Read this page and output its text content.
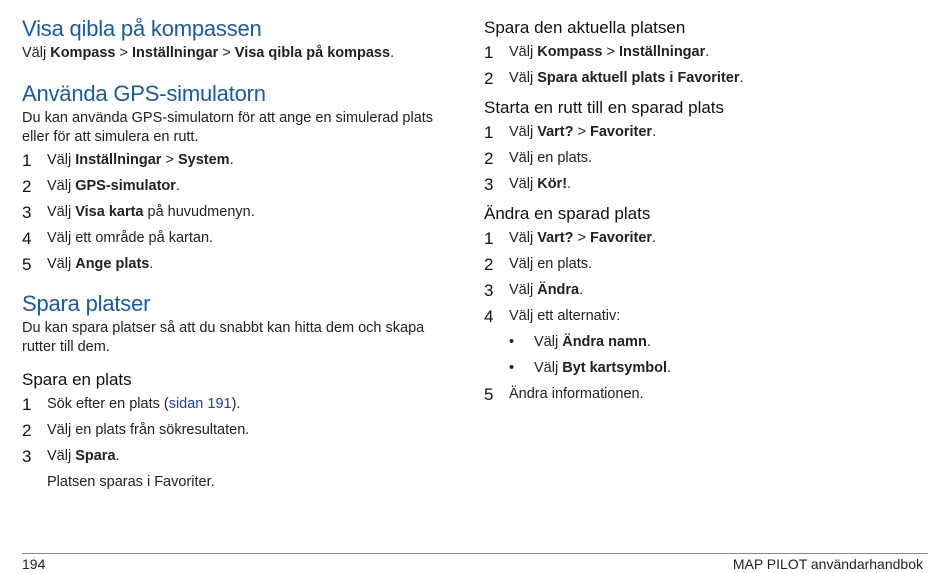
Visa qibla på kompassen

Välj Kompass > Inställningar > Visa qibla på kompass.

Använda GPS-simulatorn

Du kan använda GPS-simulatorn för att ange en simulerad plats
eller för att simulera en rutt.

1	Välj Inställningar > System.
2	Välj GPS-simulator.
3	Välj Visa karta på huvudmenyn.
4	Välj ett område på kartan.
5	Välj Ange plats.
Spara platser

Du kan spara platser så att du snabbt kan hitta dem och skapa
rutter till dem.

Spara en plats
1	Sök efter en plats (sidan 191).
2	Välj en plats från sökresultaten.
3	Välj Spara.
Platsen sparas i Favoriter.
Spara den aktuella platsen
1	Välj Kompass > Inställningar.
2	Välj Spara aktuell plats i Favoriter.
Starta en rutt till en sparad plats
1	Välj Vart? > Favoriter.
2	Välj en plats.
3	Välj Kör!.
Ändra en sparad plats
1	Välj Vart? > Favoriter.
2	Välj en plats.
3	Välj Ändra.
4	Välj ett alternativ:
•	Välj Ändra namn.
•	Välj Byt kartsymbol.
5	Ändra informationen.
194	MAP PILOT användarhandbok
